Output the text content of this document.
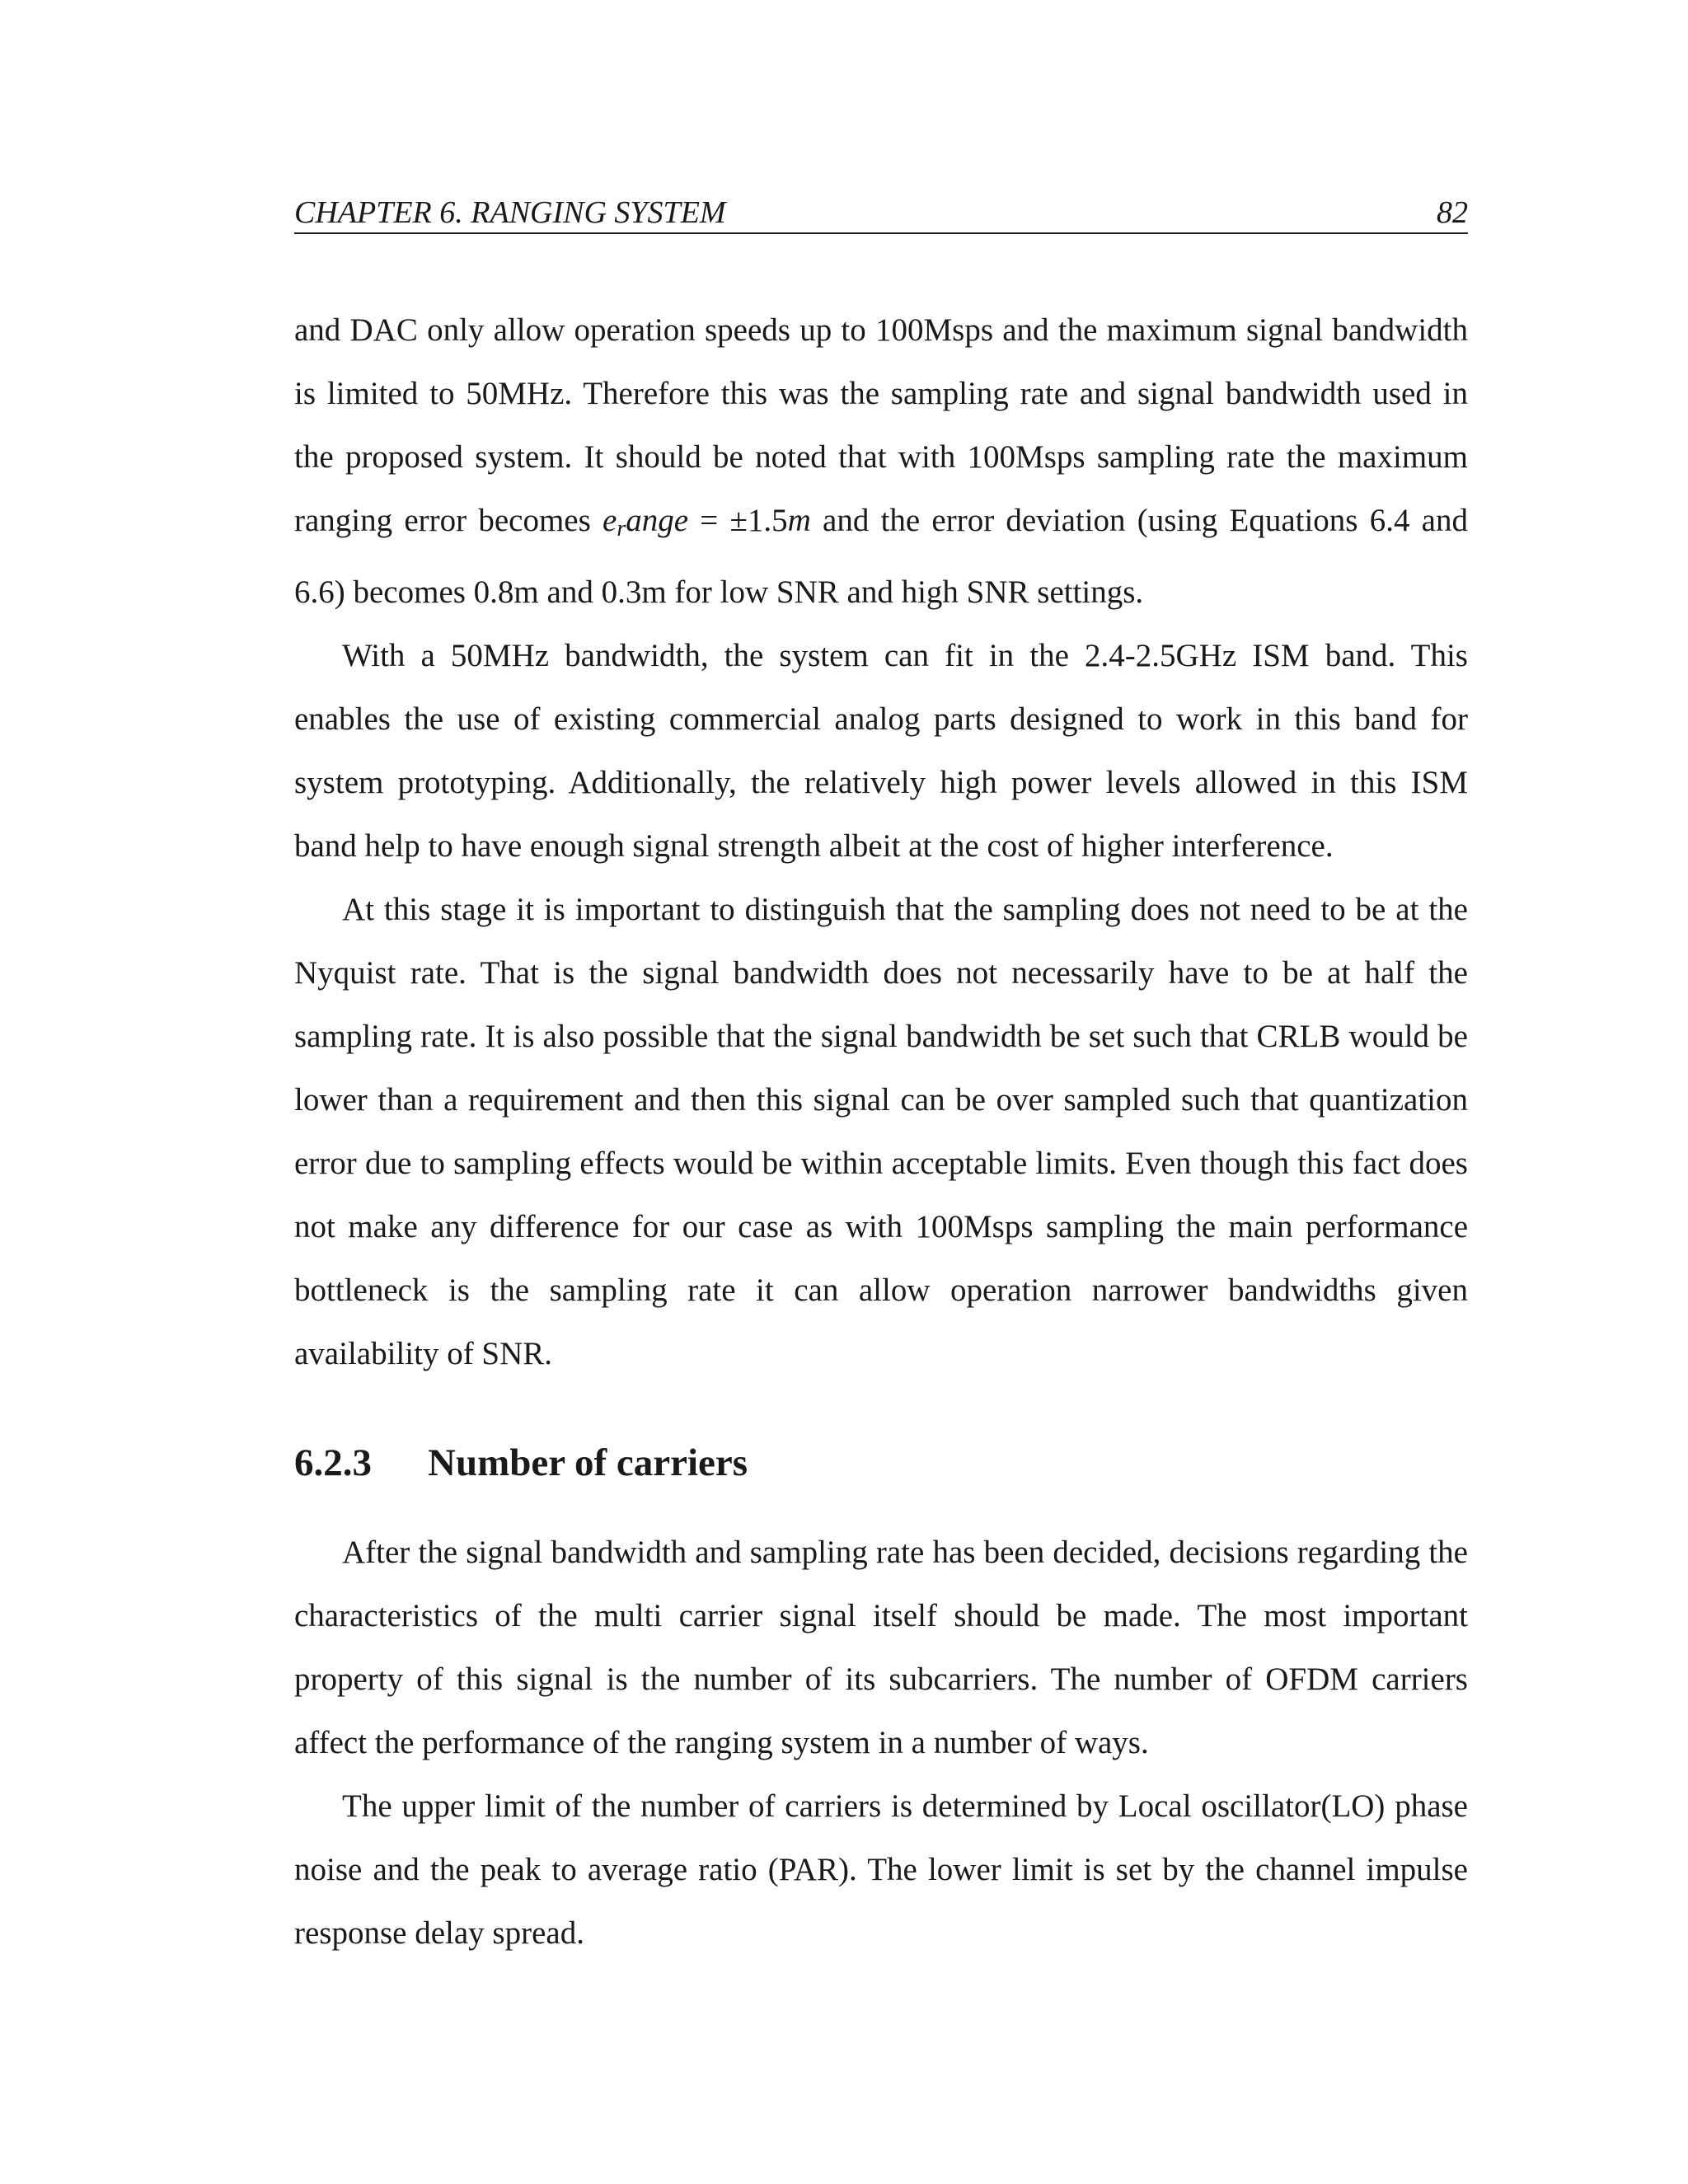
CHAPTER 6. RANGING SYSTEM	82

and DAC only allow operation speeds up to 100Msps and the maximum signal bandwidth is limited to 50MHz. Therefore this was the sampling rate and signal bandwidth used in the proposed system. It should be noted that with 100Msps sampling rate the maximum ranging error becomes $e_range = \pm 1.5m$ and the error deviation (using Equations 6.4 and 6.6) becomes 0.8m and 0.3m for low SNR and high SNR settings.

With a 50MHz bandwidth, the system can fit in the 2.4-2.5GHz ISM band. This enables the use of existing commercial analog parts designed to work in this band for system prototyping. Additionally, the relatively high power levels allowed in this ISM band help to have enough signal strength albeit at the cost of higher interference.

At this stage it is important to distinguish that the sampling does not need to be at the Nyquist rate. That is the signal bandwidth does not necessarily have to be at half the sampling rate. It is also possible that the signal bandwidth be set such that CRLB would be lower than a requirement and then this signal can be over sampled such that quantization error due to sampling effects would be within acceptable limits. Even though this fact does not make any difference for our case as with 100Msps sampling the main performance bottleneck is the sampling rate it can allow operation narrower bandwidths given availability of SNR.

6.2.3	Number of carriers

After the signal bandwidth and sampling rate has been decided, decisions regarding the characteristics of the multi carrier signal itself should be made. The most important property of this signal is the number of its subcarriers. The number of OFDM carriers affect the performance of the ranging system in a number of ways.

The upper limit of the number of carriers is determined by Local oscillator(LO) phase noise and the peak to average ratio (PAR). The lower limit is set by the channel impulse response delay spread.
